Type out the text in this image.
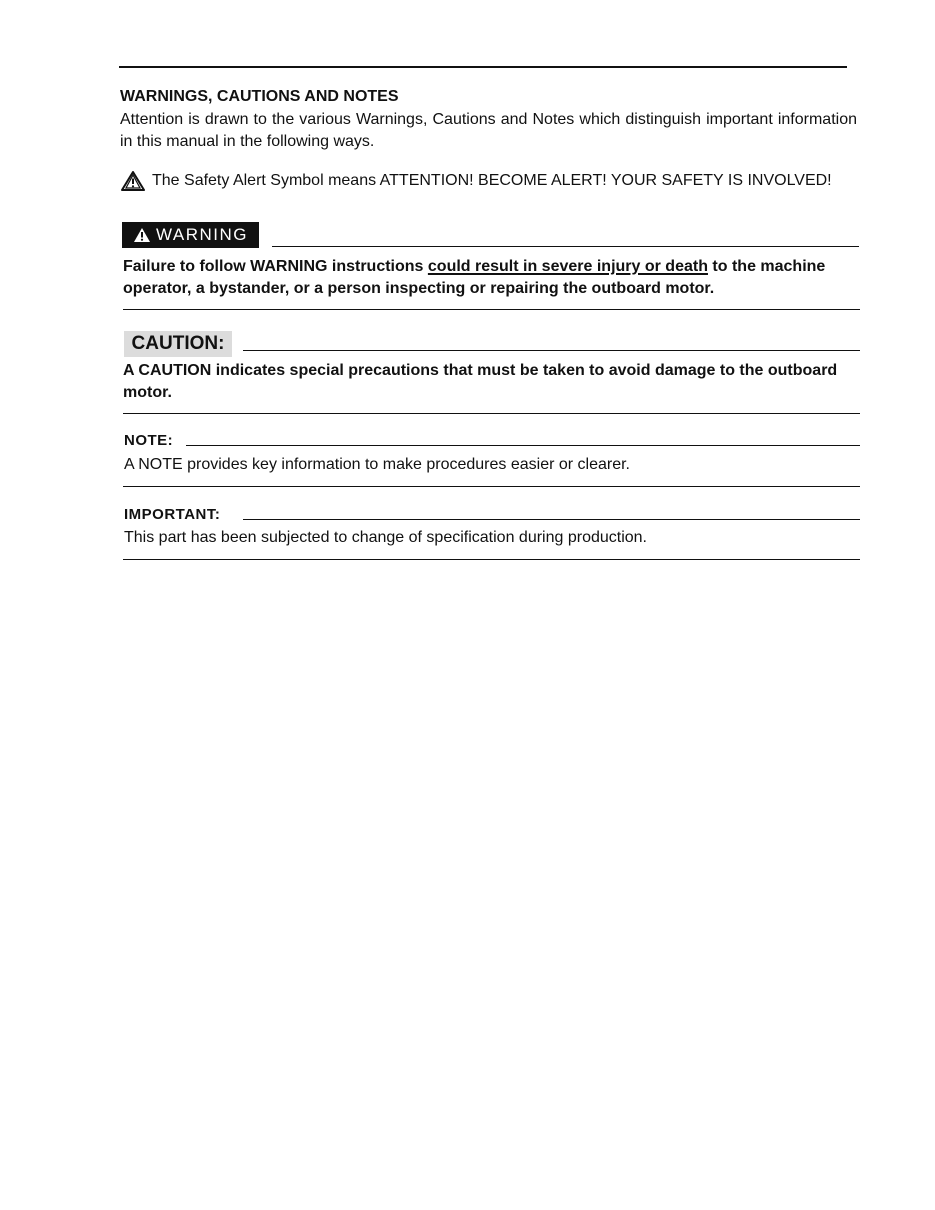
WARNINGS, CAUTIONS AND NOTES

Attention is drawn to the various Warnings, Cautions and Notes which distinguish important information in this manual in the following ways.

The Safety Alert Symbol means ATTENTION! BECOME ALERT! YOUR SAFETY IS INVOLVED!
WARNING

Failure to follow WARNING instructions could result in severe injury or death to the machine operator, a bystander, or a person inspecting or repairing the outboard motor.

CAUTION:

A CAUTION indicates special precautions that must be taken to avoid damage to the outboard motor.

NOTE:

A NOTE provides key information to make procedures easier or clearer.

IMPORTANT:

This part has been subjected to change of specification during production.
